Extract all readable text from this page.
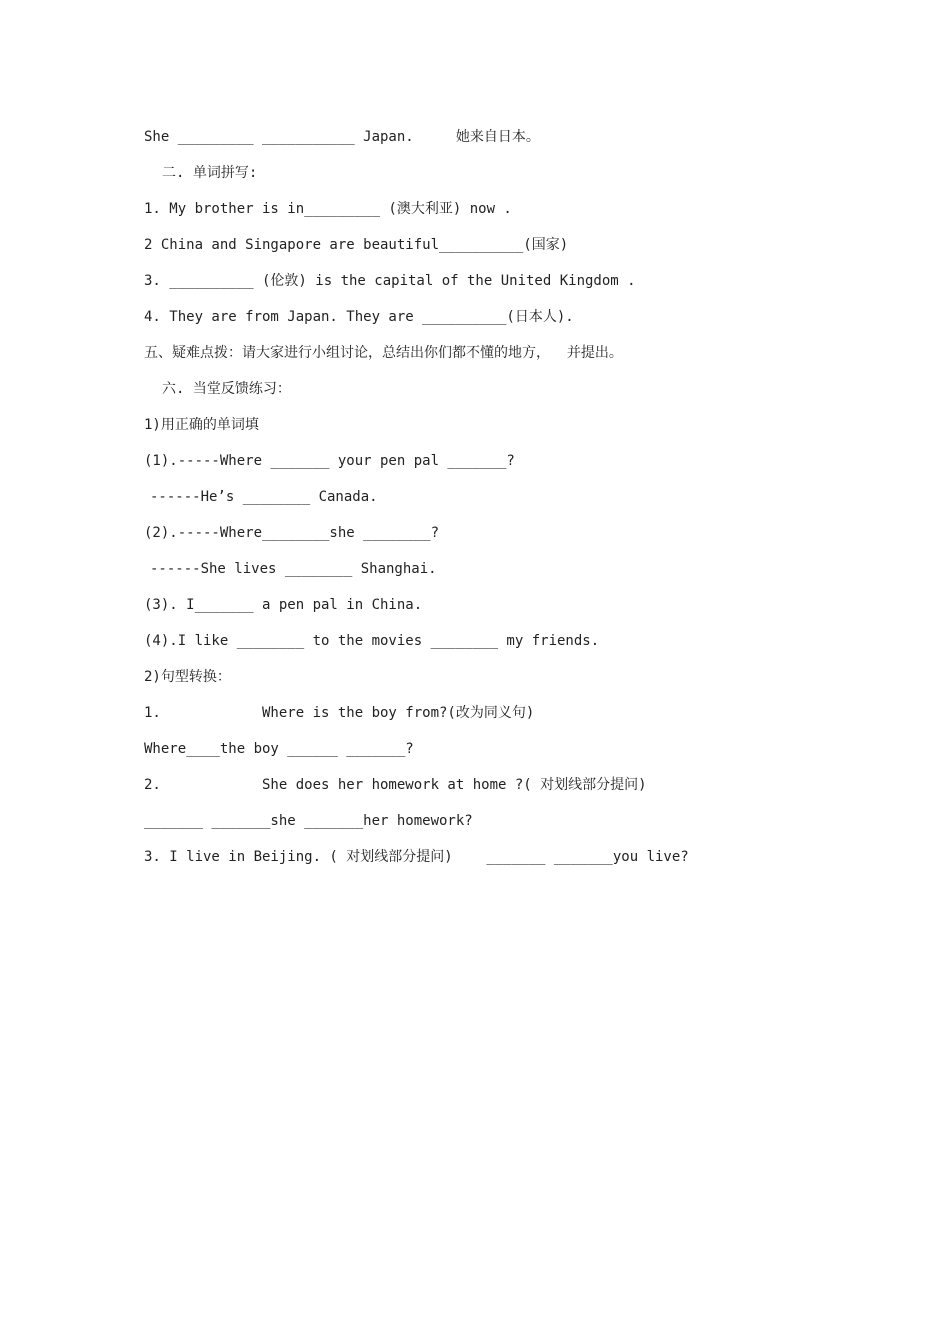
She _________ ___________ Japan.     她来自日本。
二. 单词拼写:
1. My brother is in_________ (澳大利亚) now .
2 China and Singapore are beautiful__________(国家)
3. __________ (伦敦) is the capital of the United Kingdom .
4. They are from Japan. They are __________(日本人).
五、疑难点拨：请大家进行小组讨论，总结出你们都不懂的地方，  并提出。
六. 当堂反馈练习：
1)用正确的单词填
(1).-----Where _______ your pen pal _______?
------He’s ________ Canada.
(2).-----Where________she ________?
------She lives ________ Shanghai.
(3). I_______ a pen pal in China.
(4).I like ________ to the movies ________ my friends.
2)句型转换：
1.            Where is the boy from?(改为同义句)
Where____the boy ______ _______?
2.            She does her homework at home ?( 对划线部分提问)
_______ _______she _______her homework?
3. I live in Beijing. ( 对划线部分提问)    _______ _______you live?
